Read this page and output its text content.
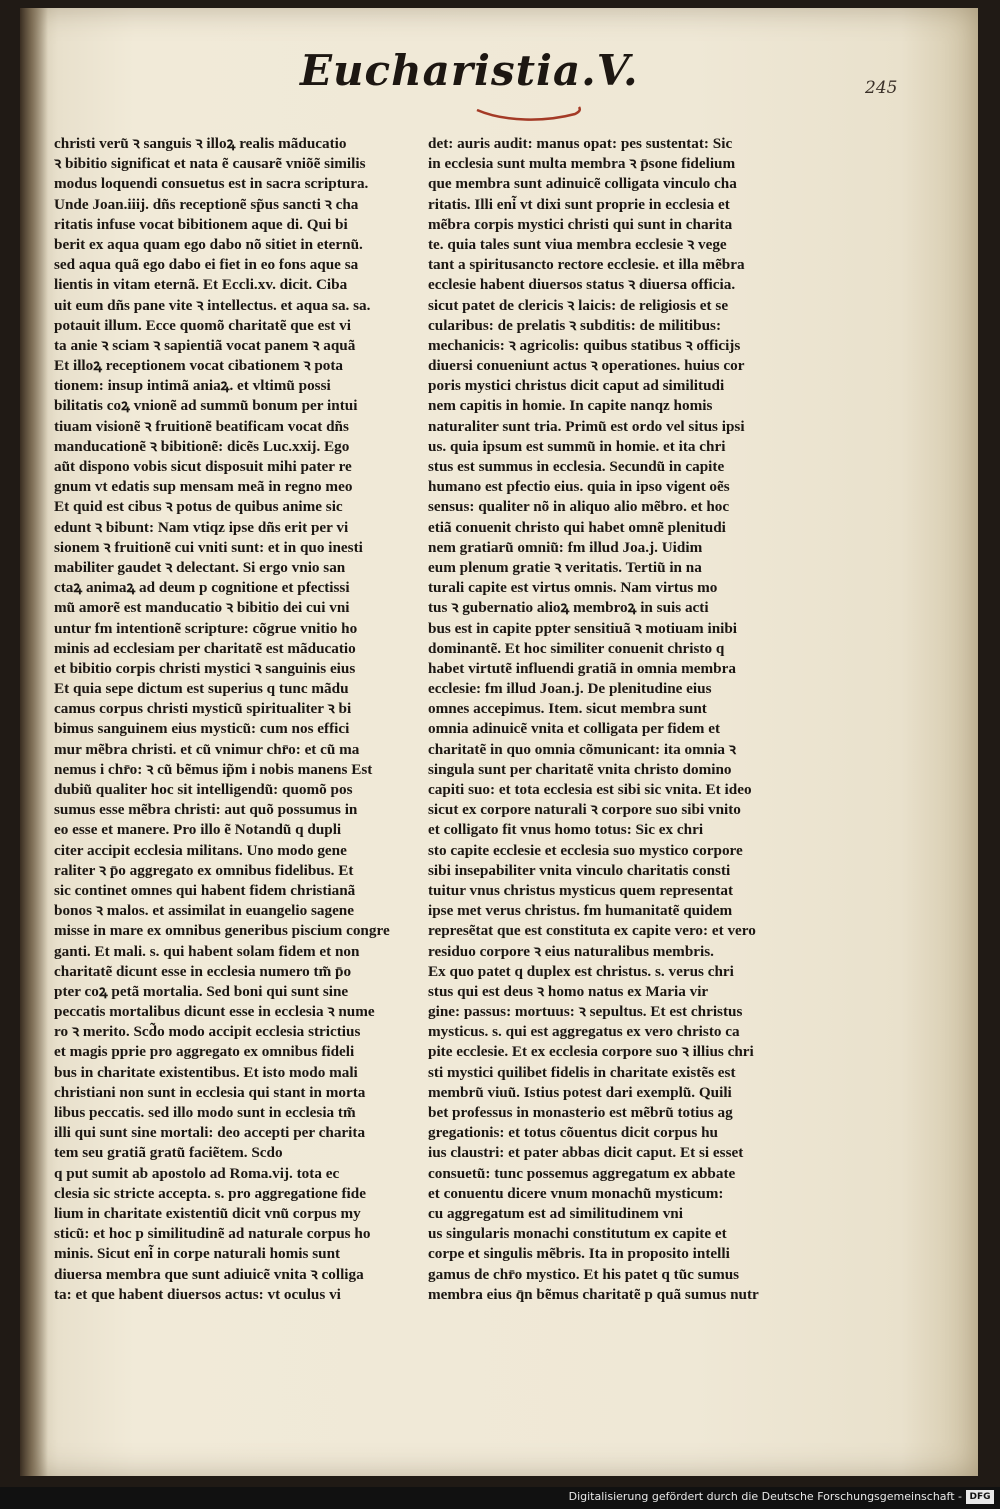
Eucharistia.V.	245
christi veru͂ ꝛ sanguis ꝛ illoꝝ realis ma͂ducatio
ꝛ bibitio significat et nata e͂ causare͂ vnio͂e͂ similis
modus loquendi consuetus est in sacra scriptura.
Unde Joan.iiij. dn͂s receptione͂ sp͂us sancti ꝛ cha
ritatis infuse vocat bibitionem aque di. Qui bi
berit ex aqua quam ego dabo no͂ sitiet in eternu͂.
sed aqua qua͂ ego dabo ei fiet in eo fons aque sa
lientis in vitam eterna͂. Et Eccli.xv. dicit. Ciba
uit eum dn͂s pane vite ꝛ intellectus. et aqua sa. sa.
potauit illum. Ecce quomo͂ charitate͂ que est vi
ta anie ꝛ sciam ꝛ sapientia͂ vocat panem ꝛ aqua͂
Et illoꝝ receptionem vocat cibationem ꝛ pota
tionem: insup intima͂ aniaꝝ. et vltimu͂ possi
bilitatis coꝝ vnione͂ ad summu͂ bonum per intui
tiuam visione͂ ꝛ fruitione͂ beatificam vocat dn͂s
manducatione͂ ꝛ bibitione͂: dice͂s Luc.xxij. Ego
au͂t dispono vobis sicut disposuit mihi pater re
gnum vt edatis sup mensam mea͂ in regno meo
Et quid est cibus ꝛ potus de quibus anime sic
edunt ꝛ bibunt: Nam vtiqz ipse dn͂s erit per vi
sionem ꝛ fruitione͂ cui vniti sunt: et in quo inesti
mabiliter gaudet ꝛ delectant. Si ergo vnio san
ctaꝝ animaꝝ ad deum p cognitione et pfectissi
mu͂ amore͂ est manducatio ꝛ bibitio dei cui vni
untur fm intentione͂ scripture: co͂grue vnitio ho
minis ad ecclesiam per charitate͂ est ma͂ducatio
et bibitio corpis christi mystici ꝛ sanguinis eius
Et quia sepe dictum est superius q tunc ma͂du
camus corpus christi mysticu͂ spiritualiter ꝛ bi
bimus sanguinem eius mysticu͂: cum nos effici
mur me͂bra christi. et cu͂ vnimur chr̄o: et cu͂ ma
nemus i chr̄o: ꝛ cu͂ be͂mus ip͂m i nobis manens Est
dubiu͂ qualiter hoc sit intelligendu͂: quomo͂ pos
sumus esse me͂bra christi: aut quo͂ possumus in
eo esse et manere. Pro illo e͂ Notandu͂ q dupli
citer accipit ecclesia militans. Uno modo gene
raliter ꝛ p̄o aggregato ex omnibus fidelibus. Et
sic continet omnes qui habent fidem christiana͂
bonos ꝛ malos. et assimilat in euangelio sagene
misse in mare ex omnibus generibus piscium congre
ganti. Et mali. s. qui habent solam fidem et non
charitate͂ dicunt esse in ecclesia numero tm͂ p̄o
pter coꝝ peta͂ mortalia. Sed boni qui sunt sine
peccatis mortalibus dicunt esse in ecclesia ꝛ nume
ro ꝛ merito. Scd͂o modo accipit ecclesia strictius
et magis pprie pro aggregato ex omnibus fideli
bus in charitate existentibus. Et isto modo mali
christiani non sunt in ecclesia qui stant in morta
libus peccatis. sed illo modo sunt in ecclesia tm͂
illi qui sunt sine mortali: deo accepti per charita
tem seu gratia͂ gratu͂ facie͂tem. Scdo
q put sumit ab apostolo ad Roma.vij. tota ec
clesia sic stricte accepta. s. pro aggregatione fide
lium in charitate existentiu͂ dicit vnu͂ corpus my
sticu͂: et hoc p similitudine͂ ad naturale corpus ho
minis. Sicut eni͂ in corpe naturali homis sunt
diuersa membra que sunt adiuice͂ vnita ꝛ colliga
ta: et que habent diuersos actus: vt oculus vi
det: auris audit: manus opat: pes sustentat: Sic
in ecclesia sunt multa membra ꝛ p̄sone fidelium
que membra sunt adinuice͂ colligata vinculo cha
ritatis. Illi eni͂ vt dixi sunt proprie in ecclesia et
me͂bra corpis mystici christi qui sunt in charita
te. quia tales sunt viua membra ecclesie ꝛ vege
tant a spiritusancto rectore ecclesie. et illa me͂bra
ecclesie habent diuersos status ꝛ diuersa officia.
sicut patet de clericis ꝛ laicis: de religiosis et se
cularibus: de prelatis ꝛ subditis: de militibus:
mechanicis: ꝛ agricolis: quibus statibus ꝛ officijs
diuersi conueniunt actus ꝛ operationes. huius cor
poris mystici christus dicit caput ad similitudi
nem capitis in homie. In capite nanqz homis
naturaliter sunt tria. Primu͂ est ordo vel situs ipsi
us. quia ipsum est summu͂ in homie. et ita chri
stus est summus in ecclesia. Secundu͂ in capite
humano est pfectio eius. quia in ipso vigent oe͂s
sensus: qualiter no͂ in aliquo alio me͂bro. et hoc
etia͂ conuenit christo qui habet omne͂ plenitudi
nem gratiaru͂ omniu͂: fm illud Joa.j. Uidim
eum plenum gratie ꝛ veritatis. Tertiu͂ in na
turali capite est virtus omnis. Nam virtus mo
tus ꝛ gubernatio alioꝝ membroꝝ in suis acti
bus est in capite ppter sensitiua͂ ꝛ motiuam inibi
dominante͂. Et hoc similiter conuenit christo q
habet virtute͂ influendi gratia͂ in omnia membra
ecclesie: fm illud Joan.j. De plenitudine eius
omnes accepimus. Item. sicut membra sunt
omnia adinuice͂ vnita et colligata per fidem et
charitate͂ in quo omnia co͂municant: ita omnia ꝛ
singula sunt per charitate͂ vnita christo domino
capiti suo: et tota ecclesia est sibi sic vnita. Et ideo
sicut ex corpore naturali ꝛ corpore suo sibi vnito
et colligato fit vnus homo totus: Sic ex chri
sto capite ecclesie et ecclesia suo mystico corpore
sibi insepabiliter vnita vinculo charitatis consti
tuitur vnus christus mysticus quem representat
ipse met verus christus. fm humanitate͂ quidem
represe͂tat que est constituta ex capite vero: et vero
residuo corpore ꝛ eius naturalibus membris.
Ex quo patet q duplex est christus. s. verus chri
stus qui est deus ꝛ homo natus ex Maria vir
gine: passus: mortuus: ꝛ sepultus. Et est christus
mysticus. s. qui est aggregatus ex vero christo ca
pite ecclesie. Et ex ecclesia corpore suo ꝛ illius chri
sti mystici quilibet fidelis in charitate existe͂s est
membru͂ viuu͂. Istius potest dari exemplu͂. Quili
bet professus in monasterio est me͂bru͂ totius ag
gregationis: et totus co͂uentus dicit corpus hu
ius claustri: et pater abbas dicit caput. Et si esset
consuetu͂: tunc possemus aggregatum ex abbate
et conuentu dicere vnum monachu͂ mysticum:
cu aggregatum est ad similitudinem vni
us singularis monachi constitutum ex capite et
corpe et singulis me͂bris. Ita in proposito intelli
gamus de chr̄o mystico. Et his patet q tu͂c sumus
membra eius q̄n be͂mus charitate͂ p qua͂ sumus nutr
Digitalisierung gefördert durch die Deutsche Forschungsgemeinschaft - DFG
